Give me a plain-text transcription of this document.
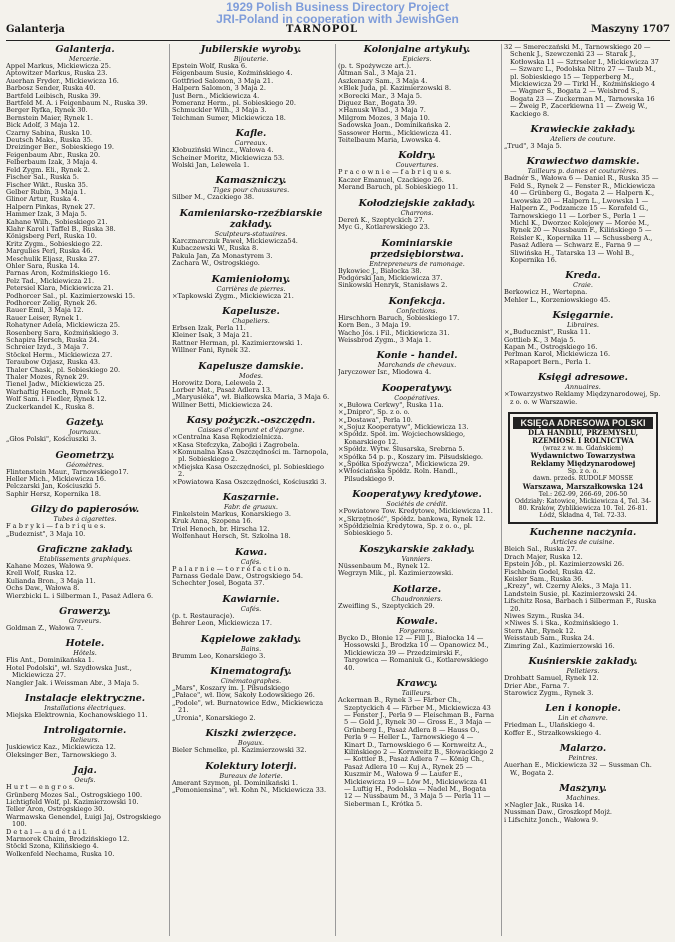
1929 Polish Business Directory Project
JRI-Poland in cooperation with JewishGen
Galanterja	TARNOPOL	Maszyny 1707
Galanterja.
Mercerie.
Appel Markus, Mickiewicza 25.
Aptowitzer Markus, Ruska 23.
Auerhan Fryder., Mickiewicza 16.
Barbosz Sender, Ruska 40.
Bartfeld Leibisch, Ruska 39.
Bartfeld M. A. i Feigenbaum N., Ruska 39.
Berger Ryfka, Rynek 30.
Bernstein Maier, Rynek 1.
Bick Adolf, 3 Maja 12.
Czarny Sabina, Ruska 10.
Deutsch Maks., Ruska 35.
Dreizinger Ber., Sobieskiego 19.
Feigenbaum Abr., Ruska 20.
Felberbaum Izak, 3 Maja 4.
Feld Zygm. Eli., Rynek 2.
Fischer Sal., Ruska 5.
Fischer Wikt., Ruska 35.
Gelber Rubin, 3 Maja 1.
Glinor Artur, Ruska 4.
Halpern Pinkas, Rynek 27.
Hammer Izak, 3 Maja 5.
Kahane Wilh., Sobieskiego 21.
Klahr Karol i Taffel B., Ruska 38.
Königsberg Perl, Ruska 10.
Kritz Zygm., Sobieskiego 22.
Margulies Perl, Ruska 46.
Meschulik Eljasz, Ruska 27.
Ohler Sara, Ruska 14.
Parnas Aron, Koźmińskiego 16.
Pelz Tad., Mickiewicza 21.
Petersiel Klara, Mickiewicza 21.
Podhorcer Sal., pl. Kazimierzowski 15.
Podhorcer Zelig, Rynek 26.
Rauer Emil, 3 Maja 12.
Rauer Leiser, Rynek 1.
Rohatyner Adela, Mickiewicza 25.
Rosenberg Sara, Koźmińskiego 3.
Schapira Hersch, Ruska 24.
Schreier Izyd., 3 Maja 7.
Stöckel Herm., Mickiewicza 27.
Teraubow Ozjasz, Ruska 43.
Thaler Chask., pl. Sobieskiego 20.
Thaler Mozes, Rynek 29.
Tienel Jadw., Mickiewicza 25.
Warhaftig Henoch, Rynek 5.
Wolf Sam. i Fiedler, Rynek 12.
Zuckerkandel K., Ruska 8.
Gazety.
Journaux.
„Głos Polski", Kościuszki 3.
Geometrzy.
Géomètres.
Flintenstein Maur., Tarnowskiego17.
Heller Mich., Mickiewicza 16.
Pelczarski Jan, Kościuszki 5.
Saphir Hersz, Kopernika 18.
Gilzy do papierosów.
Tubes à cigarettes.
F a b r y k i — f a b r i q u e s.
„Budeznist", 3 Maja 10.
Graficzne zakłady.
Etablissements graphiques.
Kahane Mozes, Wałowa 9.
Krell Wolf, Ruska 12.
Kulianda Bron., 3 Maja 11.
Ochs Daw., Wałowa 8.
Wierzbicki L. i Silberman I., Pasaż Adlera 6.
Grawerzy.
Graveurs.
Goldman Z., Wałowa 7.
Hotele.
Hôtels.
Flis Ant., Dominikańska 1.
Hotel Podolski", wł. Szydłowska Just., Mickiewicza 27.
Nangler Jak. i Weissman Abr., 3 Maja 5.
Instalacje elektryczne.
Installations électriques.
Miejska Elektrownia, Kochanowskiego 11.
Introligatornie.
Relieurs.
Juskiewicz Kaz., Mickiewicza 12.
Oleksinger Ber., Tarnowskiego 3.
Jaja.
Oeufs.
H u r t — e n g r o s.
Grünberg Mozes Sal., Ostrogskiego 100.
Lichtigfeld Wolf, pl. Kazimierzowski 10.
Teller Aron, Ostrogskiego 30.
Warmawska Genendel, Łuigi Jaj, Ostrogskiego 100.
D e t a l — a u d é t a i l.
Marmorek Chaim, Brodzińskiego 12.
Stöckl Szona, Kilińskiego 4.
Wolkenfeld Nechama, Ruska 10.
Jubilerskie wyroby.
Bijouterie.
Epstein Wolf, Ruska 6.
Feigenbaum Susie, Koźmińskiego 4.
Gottfried Salomon, 3 Maja 21.
Halpern Salomon, 3 Maja 2.
Just Bern., Mickiewicza 4.
Pomeranz Herm., pl. Sobieskiego 20.
Schmuckler Wilh., 3 Maja 3.
Teichman Sumer, Mickiewicza 18.
Kafle.
Carreaux.
Kłobuziński Wincz., Wałowa 4.
Scheiner Moritz, Mickiewicza 53.
Wolski Jan, Lelewela 1.
Kamaszniczy.
Tiges pour chaussures.
Silber M., Czackiego 38.
Kamieniarsko-rzeźbiarskie zakłady.
Sculpteurs-statuaires.
Karczmarczuk Paweł, Mickiewicza54.
Kubaczewski W., Ruska 8.
Pakula Jan, Za Monastyrem 3.
Zachara W., Ostrogskiego.
Kamieniołomy.
Carrières de pierres.
×Tapkowski Zygm., Mickiewicza 21.
Kapelusze.
Chapeliers.
Erbsen Izak, Perla 11.
Kleiner Isak, 3 Maja 21.
Rattner Herman, pl. Kazimierzowski 1.
Willner Fani, Rynek 32.
Kapelusze damskie.
Modes.
Horowitz Dora, Lelewela 2.
Lorber Mat., Pasaż Adlera 13.
„Maryusiéka", wł. Białkowska Maria, 3 Maja 6.
Willner Betti, Mickiewicza 24.
Kasy pożyczk.-oszczędn.
Caisses d'emprunt et d'épargne.
×Centralna Kasa Rękodzielnicza.
×Kasa Stefczyka, Zabojki i Zagrobela.
×Komunalna Kasa Oszczędności m. Tarnopola, pl. Sobieskiego 2.
×Miejska Kasa Oszczędności, pl. Sobieskiego 2.
×Powiatowa Kasa Oszczędności, Kościuszki 3.
Kaszarnie.
Fabr. de gruaux.
Finkelstein Markus, Konarskiego 3.
Kruk Anna, Szopena 16.
Triel Henoch, br. Hirscha 12.
Wolfenhaut Hersch, St. Szkolna 18.
Kawa.
Cafés.
P a l a r n i e — t o r r é f a c t i o n.
Parnass Gedale Daw., Ostrogskiego 54.
Schechter Josel, Bogata 37.
Kawiarnie.
Cafés.
(p. t. Restauracje).
Behrer Leon, Mickiewicza 17.
Kąpielowe zakłady.
Bains.
Brumm Leo, Konarskiego 3.
Kinematografy.
Cinématographes.
„Mars", Koszary im. J. Piłsudskiego
„Pałace", wł. Ilow, Sakoły Łodowskiego 26.
„Podole", wł. Burnatowice Edw., Mickiewicza 21.
„Uronia", Konarskiego 2.
Kiszki zwierzęce.
Boyaux.
Bieler Schmelke, pl. Kazimierzowski 32.
Kolektury loterji.
Bureaux de loterie.
Amerant Szymon, pl. Dominikański 1.
„Pomoniensina", wł. Kohn N., Mickiewicza 33.
Kolonjalne artykuły.
Epiciers.
(p. t. Spożywcze art.).
Altman Sal., 3 Maja 21.
Aszkenazy Sam., 3 Maja 4.
×Blek Juda, pl. Kazimierzowski 8.
×Borecki Mar., 3 Maja 5.
Diguez Bar., Bogata 39.
×Hanusk Wład., 3 Maja 7.
Milgrom Mozes, 3 Maja 10.
Sadowska Joan., Dominikańska 2.
Sassower Herm., Mickiewicza 41.
Teitelbaum Maria, Lwowska 4.
Koldry.
Couvertures.
P r a c o w n i e — f a b r i q u e s.
Kaczer Emanuel, Czackiego 26.
Merand Baruch, pl. Sobieskiego 11.
Kołodziejskie zakłady.
Charrons.
Dereń K., Szeptyckich 27.
Myc G., Kotlarewskiego 23.
Kominiarskie przedsiębiorstwa.
Entrepreneurs de ramonage.
Iłykowiec J., Białocka 38.
Podgórski Jan, Mickiewicza 37.
Sinkowski Henryk, Stanisławs 2.
Konfekcja.
Confections.
Hirschhorn Baruch, Sobieskiego 17.
Korn Ben., 3 Maja 19.
Wacho Jós. i Fil., Mickiewicza 31.
Weissbrod Zygm., 3 Maja 1.
Konie - handel.
Marchands de chevaux.
Jaryczower Isr., Miodowa 4.
Kooperatywy.
Coopératives.
×„Bułowa Cerkwy", Ruska 11a.
×„Dnipro", Sp. z o. o.
×„Dostawa", Perla 10.
×„Sojuz Kooperatyw", Mickiewicza 13.
×Spółdz. Społ. im. Wojciechowskiego, Konarskiego 12.
×Spółdz. Wytw. Ślusarska, Srebrna 5.
×Spółka 54 p. p., Koszary im. Piłsudskiego.
×„Spółka Spożywcza", Mickiewicza 29.
×Włościańska Spółdz. Roln. Handl., Pilsudskiego 9.
Kooperatywy kredytowe.
Sociétés de crédit.
×Powiatowe Tow. Kredytowe, Mickiewicza 11.
×„Skrzętność", Spółdz. bankowa, Rynek 12.
×Spółdzielnia Kredytowa, Sp. z o. o., pl. Sobieskiego 5.
Koszykarskie zakłady.
Vanniers.
Nüssenbaum M., Rynek 12.
Wegrzyn Mik., pl. Kazimierzowski.
Kotlarze.
Chaudronniers.
Zweifling S., Szeptyckich 29.
Kowale.
Forgerons.
Bycko D., Błonie 12 — Fill J., Białocka 14 — Hossowski J., Brodzka 10 — Opanowicz M., Mickiewicza 39 — Przedzimirski F., Targowica — Romaniuk G., Kotlarewskiego 40.
Krawcy.
Tailleurs.
Ackerman B., Rynek 3 — Färber Ch., Szeptyckich 4 — Färber M., Mickiewicza 43 — Fenster J., Perla 9 — Fleischman B., Farna 5 — Gold J., Rynek 30 — Gross E., 3 Maja — Grünberg I., Pasaż Adlera 8 — Hauss O., Perla 9 — Heller L., Tarnowskiego 4 — Kinart D., Tarnowskiego 6 — Kornweitz A., Kilińskiego 2 — Kornweitz B., Słowackiego 2 — Kottler B., Pasaż Adlera 7 — König Ch., Pasaż Adlera 10 — Kuj A., Rynek 25 — Kuszmir M., Wałowa 9 — Laufer E., Mickiewicza 19 — Löw M., Mickiewicza 41 — Luftig H., Podolska — Nadel M., Bogata 12 — Nussbaum M., 3 Maja 5 — Perla 11 — Sieberman I., Krótka 5.
32 — Smereczański M., Tarnowskiego 20 — Schenk J., Szewczenki 23 — Starak J., Kotłowska 11 — Sztrseler I., Mickiewicza 37 — Szwarc L., Podolska Nitro 27 — Taub M., pl. Sobieskiego 15 — Tepperberg M., Mickiewicza 29 — Tirkl H., Koźmińskiego 4 — Wagner S., Bogata 2 — Weisbrod S., Bogata 23 — Zuckerman M., Tarnowska 16 — Zweig P., Zacerkiewna 11 — Zweig W., Kackiego 8.
Krawieckie zakłady.
Ateliers de couture.
„Trud", 3 Maja 5.
Krawiectwo damskie.
Tailleurs p. dames et couturières.
Badnér S., Wałowa 6 — Daniel R., Ruska 35 — Feld S., Rynek 2 — Fenster R., Mickiewicza 40 — Grünberg G., Bogata 2 — Halpern K., Lwowska 20 — Halpern L., Lwowska 1 — Halpern Z., Podzamcze 15 — Korafeld G., Tarnowskiego 11 — Lorber S., Perla 1 — Michl K., Dworzec Kolejowy — Morée M., Rynek 20 — Nussbaum F., Kilińskiego 5 — Reisler K., Kopernika 11 — Schussberg A., Pasaż Adlera — Schwarz E., Farna 9 — Sliwińska H., Tatarska 13 — Wohl B., Kopernika 16.
Kreda.
Craie.
Berkowicz H., Wertepna.
Mehler L., Korzeniowskiego 45.
Księgarnie.
Libraires.
×„Buducznist", Ruska 11.
Gottlieb K., 3 Maja 5.
Kapan M., Ostrogskiego 16.
Perlman Karol, Mickiewicza 16.
×Rapaport Bern., Perla 1.
Księgi adresowe.
Annuaires.
×Towarzystwo Reklamy Międzynarodowej, Sp. z o. o. w Warszawie.
KSIĘGA ADRESOWA POLSKI
DLA HANDLU, PRZEMYSŁU,
RZEMIOSŁ I ROLNICTWA
(wraz z w. m. Gdańskiem)
Wydawnictwo Towarzystwa
Reklamy Międzynarodowej
Sp. z o. o.
dawn. przeds. RUDOLF MOSSE
Warszawa, Marszałkowska 124
Tel.: 262-99, 266-69, 206-50
Oddziały: Katowice, Mickiewicza 4, Tel. 34-80. Kraków, Zyblikiewicza 10. Tel. 26-81. Łódź, Składna 4, Tel. 72-33.
Kuchenne naczynia.
Articles de cuisine.
Bleich Sal., Ruska 27.
Drach Majer, Ruska 12.
Epstein Jób., pl. Kazimierzowski 26.
Fischbein Godel, Ruska 42.
Keisler Sam., Ruska 36.
„Krezy", wł. Czerny Aleks., 3 Maja 11.
Landstein Susie, pl. Kazimierzowski 24.
Lifschitz Rosa, Barbach i Silberman F., Ruska 20.
Niwes Szym., Ruska 34.
×Niwes S. i Ska., Koźmińskiego 1.
Stern Abr., Rynek 12.
Weisstaub Sam., Ruska 24.
Zimring Zal., Kazimierzowski 16.
Kuśnierskie zakłady.
Pelletiers.
Drohbatt Samuel, Rynek 12.
Drier Abr., Farna 7.
Starowicz Zygm., Rynek 3.
Len i konopie.
Lin et chanvre.
Friedman L., Ulańskiego 4.
Koffer E., Strzałkowskiego 4.
Malarzo.
Peintres.
Auerhan E., Mickiewicza 32 — Sussman Ch. W., Bogata 2.
Maszyny.
Machines.
×Nagler Jak., Ruska 14.
Nussman Daw., Groszkopf Mojż.
i Lifschitz Jonch., Wałowa 9.
